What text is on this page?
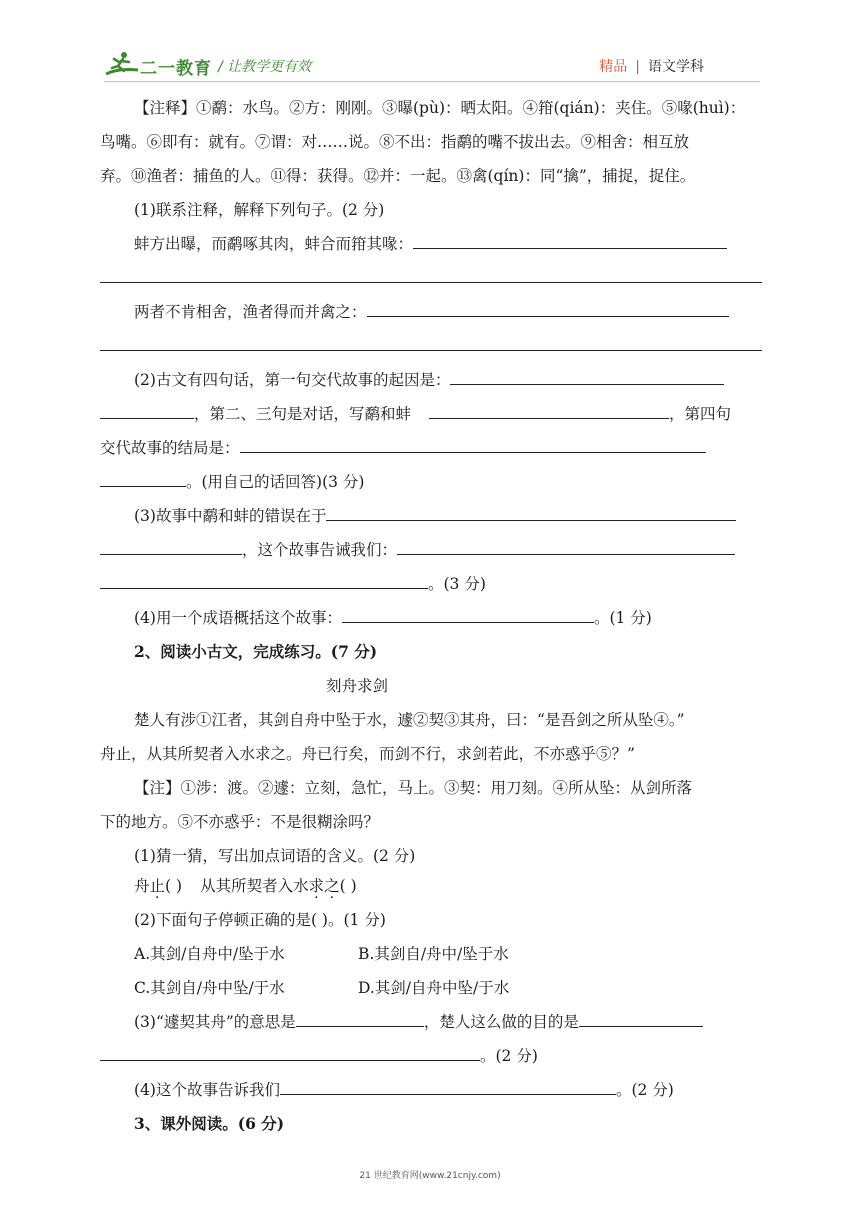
二一教育 / 让教学更有效	精品 | 语文学科
【注释】①鹬：水鸟。②方：刚刚。③曝(pù)：晒太阳。④箝(qián)：夹住。⑤喙(huì)：
鸟嘴。⑥即有：就有。⑦谓：对……说。⑧不出：指鹬的嘴不拔出去。⑨相舍：相互放
弃。⑩渔者：捕鱼的人。⑪得：获得。⑫并：一起。⑬禽(qín)：同“擒”，捕捉，捉住。
(1)联系注释，解释下列句子。(2 分)
蚌方出曝，而鹬啄其肉，蚌合而箝其喙：
两者不肯相舍，渔者得而并禽之：
(2)古文有四句话，第一句交代故事的起因是：
，第二、三句是对话，写鹬和蚌	，第四句
交代故事的结局是：
。(用自己的话回答)(3 分)
(3)故事中鹬和蚌的错误在于
，这个故事告诫我们：
。(3 分)
(4)用一个成语概括这个故事：	。(1 分)
2、阅读小古文，完成练习。(7 分)
刻舟求剑
楚人有涉①江者，其剑自舟中坠于水，遽②契③其舟，曰：“是吾剑之所从坠④。”
舟止，从其所契者入水求之。舟已行矣，而剑不行，求剑若此，不亦惑乎⑤？”
【注】①涉：渡。②遽：立刻，急忙，马上。③契：用刀刻。④所从坠：从剑所落
下的地方。⑤不亦惑乎：不是很糊涂吗？
(1)猜一猜，写出加点词语的含义。(2 分)
舟止( ) 从其所契者入水求之( )
(2)下面句子停顿正确的是( )。(1 分)
A.其剑/自舟中/坠于水	B.其剑自/舟中/坠于水
C.其剑自/舟中坠/于水	D.其剑/自舟中坠/于水
(3)“遽契其舟”的意思是	，楚人这么做的目的是
。(2 分)
(4)这个故事告诉我们	。(2 分)
3、课外阅读。(6 分)
21 世纪教育网(www.21cnjy.com)
